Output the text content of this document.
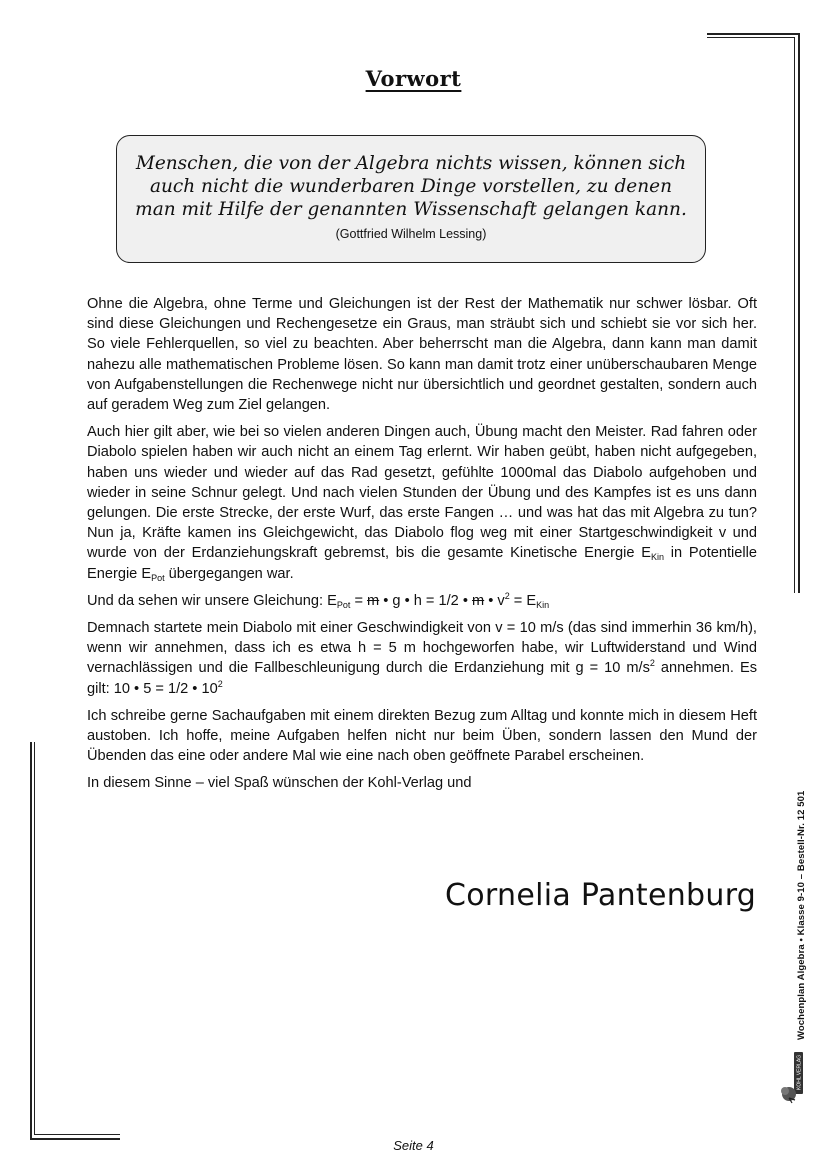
Vorwort
Menschen, die von der Algebra nichts wissen, können sich
auch nicht die wunderbaren Dinge vorstellen, zu denen
man mit Hilfe der genannten Wissenschaft gelangen kann.
(Gottfried Wilhelm Lessing)

Ohne die Algebra, ohne Terme und Gleichungen ist der Rest der Mathematik nur schwer lösbar. Oft sind diese Gleichungen und Rechengesetze ein Graus, man sträubt sich und schiebt sie vor sich her. So viele Fehlerquellen, so viel zu beachten. Aber beherrscht man die Algebra, dann kann man damit nahezu alle mathematischen Probleme lösen. So kann man damit trotz einer unüberschaubaren Menge von Aufgabenstellungen die Rechenwege nicht nur übersichtlich und geordnet gestalten, sondern auch auf geradem Weg zum Ziel gelangen.

Auch hier gilt aber, wie bei so vielen anderen Dingen auch, Übung macht den Meister. Rad fahren oder Diabolo spielen haben wir auch nicht an einem Tag erlernt. Wir haben geübt, haben nicht aufgegeben, haben uns wieder und wieder auf das Rad gesetzt, gefühlte 1000mal das Diabolo aufgehoben und wieder in seine Schnur gelegt. Und nach vielen Stunden der Übung und des Kampfes ist es uns dann gelungen. Die erste Strecke, der erste Wurf, das erste Fangen … und was hat das mit Algebra zu tun? Nun ja, Kräfte kamen ins Gleichgewicht, das Diabolo flog weg mit einer Startgeschwindigkeit v und wurde von der Erdanziehungskraft gebremst, bis die gesamte Kinetische Energie $E_{Kin}$ in Potentielle Energie $E_{Pot}$ übergegangen war.

Und da sehen wir unsere Gleichung: $E_{Pot} = m$ • g • h = 1/2 • m • $v^2 = E_{Kin}$

Demnach startete mein Diabolo mit einer Geschwindigkeit von v = 10 m/s (das sind immerhin 36 km/h), wenn wir annehmen, dass ich es etwa h = 5 m hochgeworfen habe, wir Luftwiderstand und Wind vernachlässigen und die Fallbeschleunigung durch die Erdanziehung mit g = 10 $m/s^2$ annehmen. Es gilt: 10 • 5 = 1/2 • $10^2$

Ich schreibe gerne Sachaufgaben mit einem direkten Bezug zum Alltag und konnte mich in diesem Heft austoben. Ich hoffe, meine Aufgaben helfen nicht nur beim Üben, sondern lassen den Mund der Übenden das eine oder andere Mal wie eine nach oben geöffnete Parabel erscheinen.

In diesem Sinne – viel Spaß wünschen der Kohl-Verlag und

Cornelia Pantenburg	Wochenplan Algebra • Klasse 9-10 – Bestell-Nr. 12 501
KOHL VERLAG
Seite 4
